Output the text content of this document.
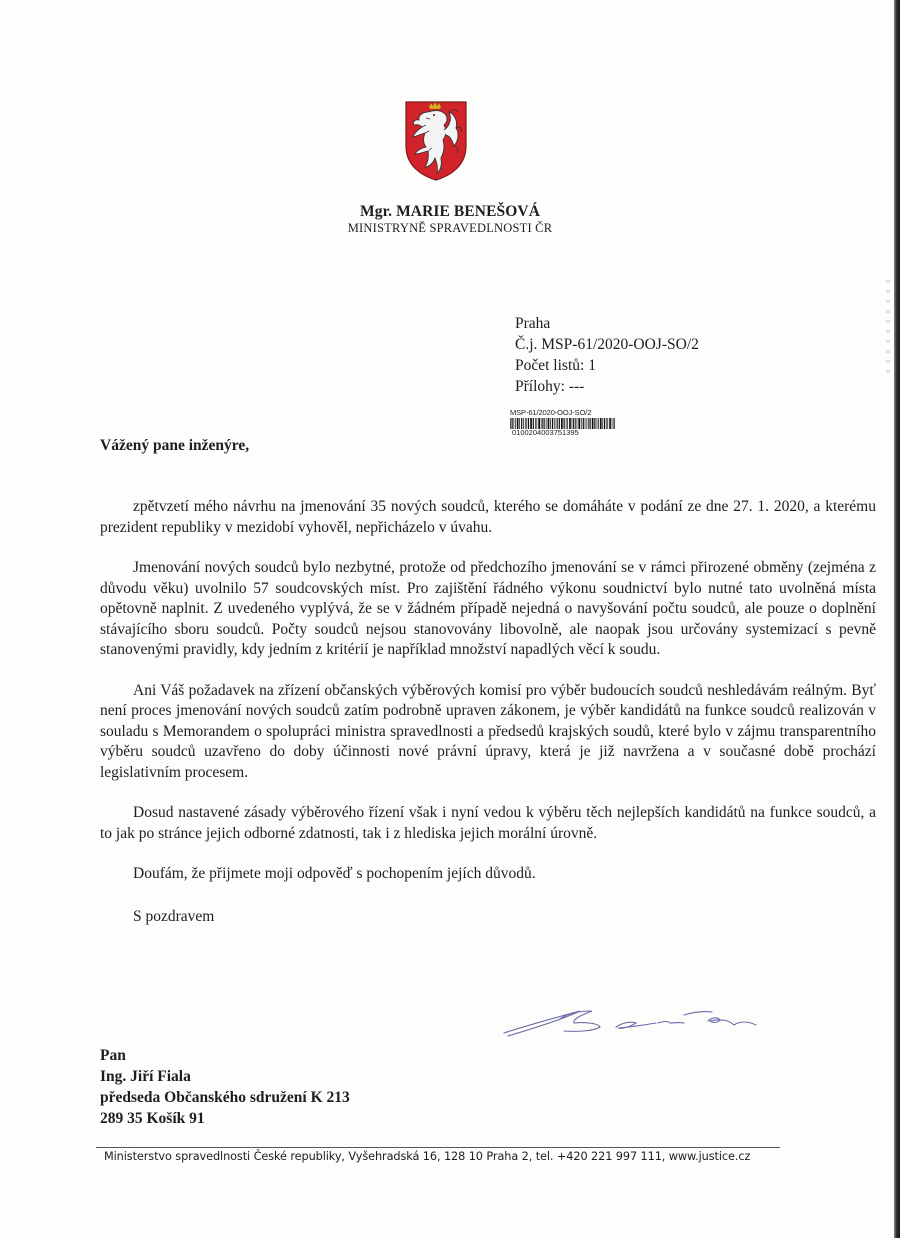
Mgr. MARIE BENEŠOVÁ
MINISTRYNĚ SPRAVEDLNOSTI ČR
Praha
Č.j. MSP-61/2020-OOJ-SO/2
Počet listů: 1
Přílohy: ---
MSP-61/2020-OOJ-SO/2
0100204003751395
Vážený pane inženýre,

zpětvzetí mého návrhu na jmenování 35 nových soudců, kterého se domáháte v podání ze dne 27. 1. 2020, a kterému prezident republiky v mezidobí vyhověl, nepřicházelo v úvahu.

Jmenování nových soudců bylo nezbytné, protože od předchozího jmenování se v rámci přirozené obměny (zejména z důvodu věku) uvolnilo 57 soudcovských míst. Pro zajištění řádného výkonu soudnictví bylo nutné tato uvolněná místa opětovně naplnit. Z uvedeného vyplývá, že se v žádném případě nejedná o navyšování počtu soudců, ale pouze o doplnění stávajícího sboru soudců. Počty soudců nejsou stanovovány libovolně, ale naopak jsou určovány systemizací s pevně stanovenými pravidly, kdy jedním z kritérií je například množství napadlých věcí k soudu.

Ani Váš požadavek na zřízení občanských výběrových komisí pro výběr budoucích soudců neshledávám reálným. Byť není proces jmenování nových soudců zatím podrobně upraven zákonem, je výběr kandidátů na funkce soudců realizován v souladu s Memorandem o spolupráci ministra spravedlnosti a předsedů krajských soudů, které bylo v zájmu transparentního výběru soudců uzavřeno do doby účinnosti nové právní úpravy, která je již navržena a v současné době prochází legislativním procesem.

Dosud nastavené zásady výběrového řízení však i nyní vedou k výběru těch nejlepších kandidátů na funkce soudců, a to jak po stránce jejich odborné zdatnosti, tak i z hlediska jejich morální úrovně.

Doufám, že přijmete moji odpověď s pochopením jejích důvodů.

S pozdravem

Pan
Ing. Jiří Fiala
předseda Občanského sdružení K 213
289 35 Košík 91
Ministerstvo spravedlnosti České republiky, Vyšehradská 16, 128 10 Praha 2, tel. +420 221 997 111, www.justice.cz
